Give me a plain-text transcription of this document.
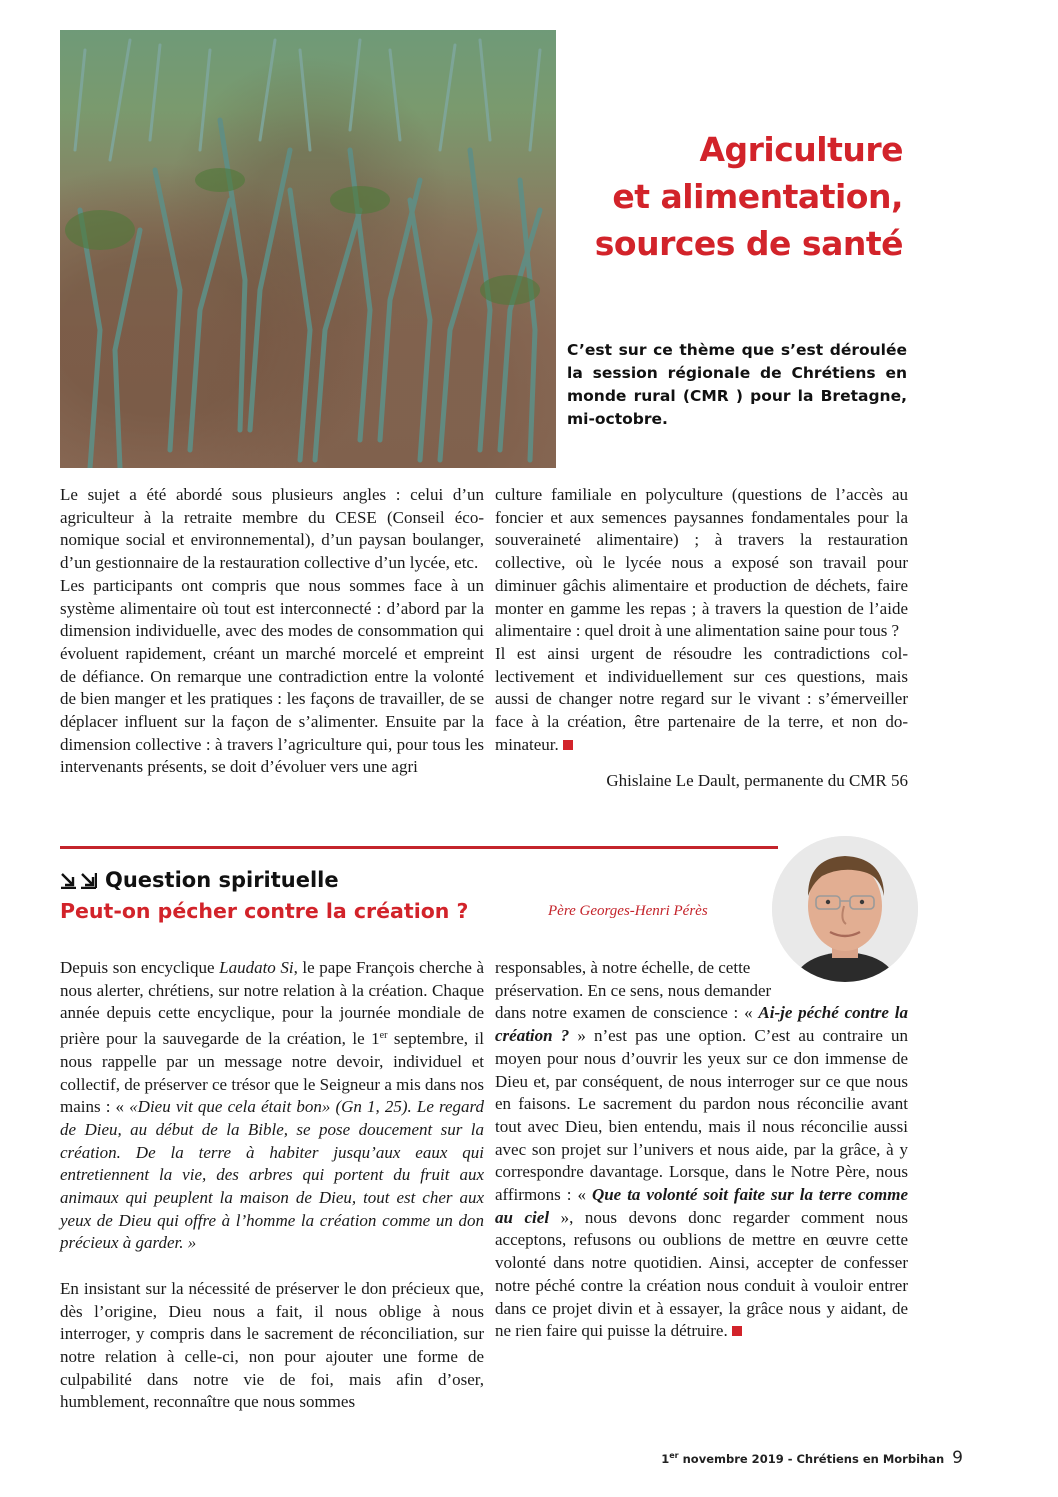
Agriculture
et alimentation,
sources de santé

C’est sur ce thème que s’est déroulée la session régionale de Chrétiens en monde rural (CMR ) pour la Bretagne, mi-octobre.

Le sujet a été abordé sous plusieurs angles : celui d’un agriculteur à la retraite membre du CESE (Conseil économique social et environnemental), d’un paysan boulanger, d’un gestionnaire de la restauration collective d’un lycée, etc.

Les participants ont compris que nous sommes face à un système alimentaire où tout est interconnecté : d’abord par la dimension individuelle, avec des modes de consommation qui évoluent rapidement, créant un marché morcelé et empreint de défiance. On remarque une contradiction entre la volonté de bien manger et les pratiques : les façons de travailler, de se déplacer influent sur la façon de s’alimenter. Ensuite par la dimension collective : à travers l’agriculture qui, pour tous les intervenants présents, se doit d’évoluer vers une agri

culture familiale en polyculture (questions de l’accès au foncier et aux semences paysannes fondamentales pour la souveraineté alimentaire) ; à travers la restauration collective, où le lycée nous a exposé son travail pour diminuer gâchis alimentaire et production de déchets, faire monter en gamme les repas ; à travers la question de l’aide alimentaire : quel droit à une alimentation saine pour tous ?

Il est ainsi urgent de résoudre les contradictions collectivement et individuellement sur ces questions, mais aussi de changer notre regard sur le vivant : s’émerveiller face à la création, être partenaire de la terre, et non dominateur.

Ghislaine Le Dault, permanente du CMR 56
Question spirituelle
Peut-on pécher contre la création ?	Père Georges-Henri Pérès

Depuis son encyclique Laudato Si, le pape François cherche à nous alerter, chrétiens, sur notre relation à la création. Chaque année depuis cette encyclique, pour la journée mondiale de prière pour la sauvegarde de la création, le 1er septembre, il nous rappelle par un message notre devoir, individuel et collectif, de préserver ce trésor que le Seigneur a mis dans nos mains : « «Dieu vit que cela était bon» (Gn 1, 25). Le regard de Dieu, au début de la Bible, se pose doucement sur la création. De la terre à habiter jusqu’aux eaux qui entretiennent la vie, des arbres qui portent du fruit aux animaux qui peuplent la maison de Dieu, tout est cher aux yeux de Dieu qui offre à l’homme la création comme un don précieux à garder. »

En insistant sur la nécessité de préserver le don précieux que, dès l’origine, Dieu nous a fait, il nous oblige à nous interroger, y compris dans le sacrement de réconciliation, sur notre relation à celle-ci, non pour ajouter une forme de culpabilité dans notre vie de foi, mais afin d’oser, humblement, reconnaître que nous sommes

responsables, à notre échelle, de cette
préservation. En ce sens, nous demander
dans notre examen de conscience : « Ai-je péché contre la création ? » n’est pas une option. C’est au contraire un moyen pour nous d’ouvrir les yeux sur ce don immense de Dieu et, par conséquent, de nous interroger sur ce que nous en faisons. Le sacrement du pardon nous réconcilie avant tout avec Dieu, bien entendu, mais il nous réconcilie aussi avec son projet sur l’univers et nous aide, par la grâce, à y correspondre davantage. Lorsque, dans le Notre Père, nous affirmons : « Que ta volonté soit faite sur la terre comme au ciel », nous devons donc regarder comment nous acceptons, refusons ou oublions de mettre en œuvre cette volonté dans notre quotidien. Ainsi, accepter de confesser notre péché contre la création nous conduit à vouloir entrer dans ce projet divin et à essayer, la grâce nous y aidant, de ne rien faire qui puisse la détruire.

1er novembre 2019 - Chrétiens en Morbihan 9
